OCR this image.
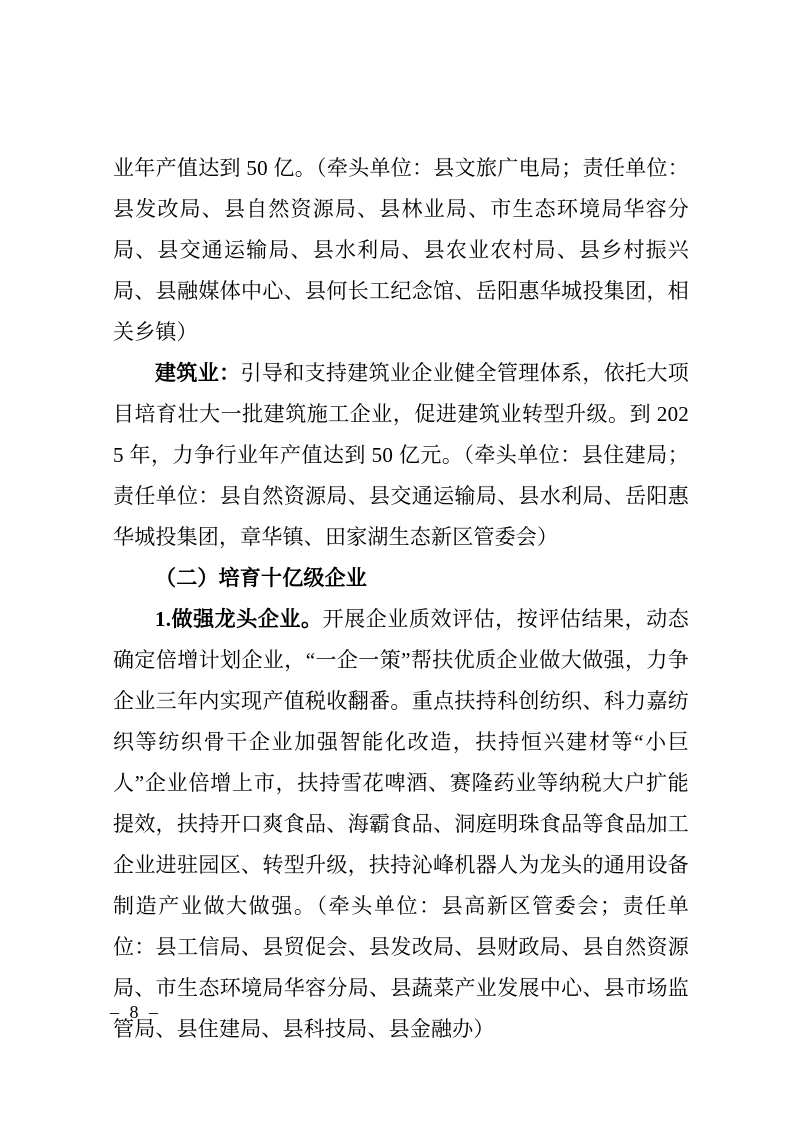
业年产值达到 50 亿。（牵头单位：县文旅广电局；责任单位：县发改局、县自然资源局、县林业局、市生态环境局华容分局、县交通运输局、县水利局、县农业农村局、县乡村振兴局、县融媒体中心、县何长工纪念馆、岳阳惠华城投集团，相关乡镇）

建筑业：引导和支持建筑业企业健全管理体系，依托大项目培育壮大一批建筑施工企业，促进建筑业转型升级。到 2025 年，力争行业年产值达到 50 亿元。（牵头单位：县住建局；责任单位：县自然资源局、县交通运输局、县水利局、岳阳惠华城投集团，章华镇、田家湖生态新区管委会）

（二）培育十亿级企业

1.做强龙头企业。开展企业质效评估，按评估结果，动态确定倍增计划企业，“一企一策”帮扶优质企业做大做强，力争企业三年内实现产值税收翻番。重点扶持科创纺织、科力嘉纺织等纺织骨干企业加强智能化改造，扶持恒兴建材等“小巨人”企业倍增上市，扶持雪花啤酒、赛隆药业等纳税大户扩能提效，扶持开口爽食品、海霸食品、洞庭明珠食品等食品加工企业进驻园区、转型升级，扶持沁峰机器人为龙头的通用设备制造产业做大做强。（牵头单位：县高新区管委会；责任单位：县工信局、县贸促会、县发改局、县财政局、县自然资源局、市生态环境局华容分局、县蔬菜产业发展中心、县市场监管局、县住建局、县科技局、县金融办）

– 8 –
